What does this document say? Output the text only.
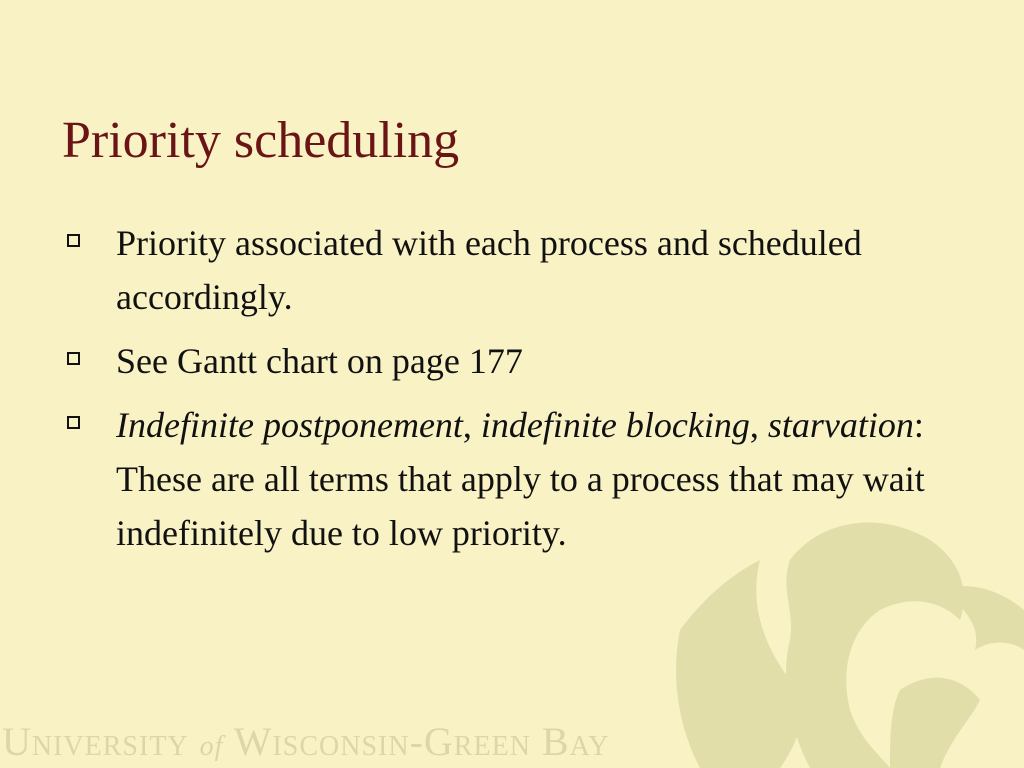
Priority scheduling
Priority associated with each process and scheduled accordingly.
See Gantt chart on page 177
Indefinite postponement, indefinite blocking, starvation: These are all terms that apply to a process that may wait indefinitely due to low priority.
University of Wisconsin-Green Bay
